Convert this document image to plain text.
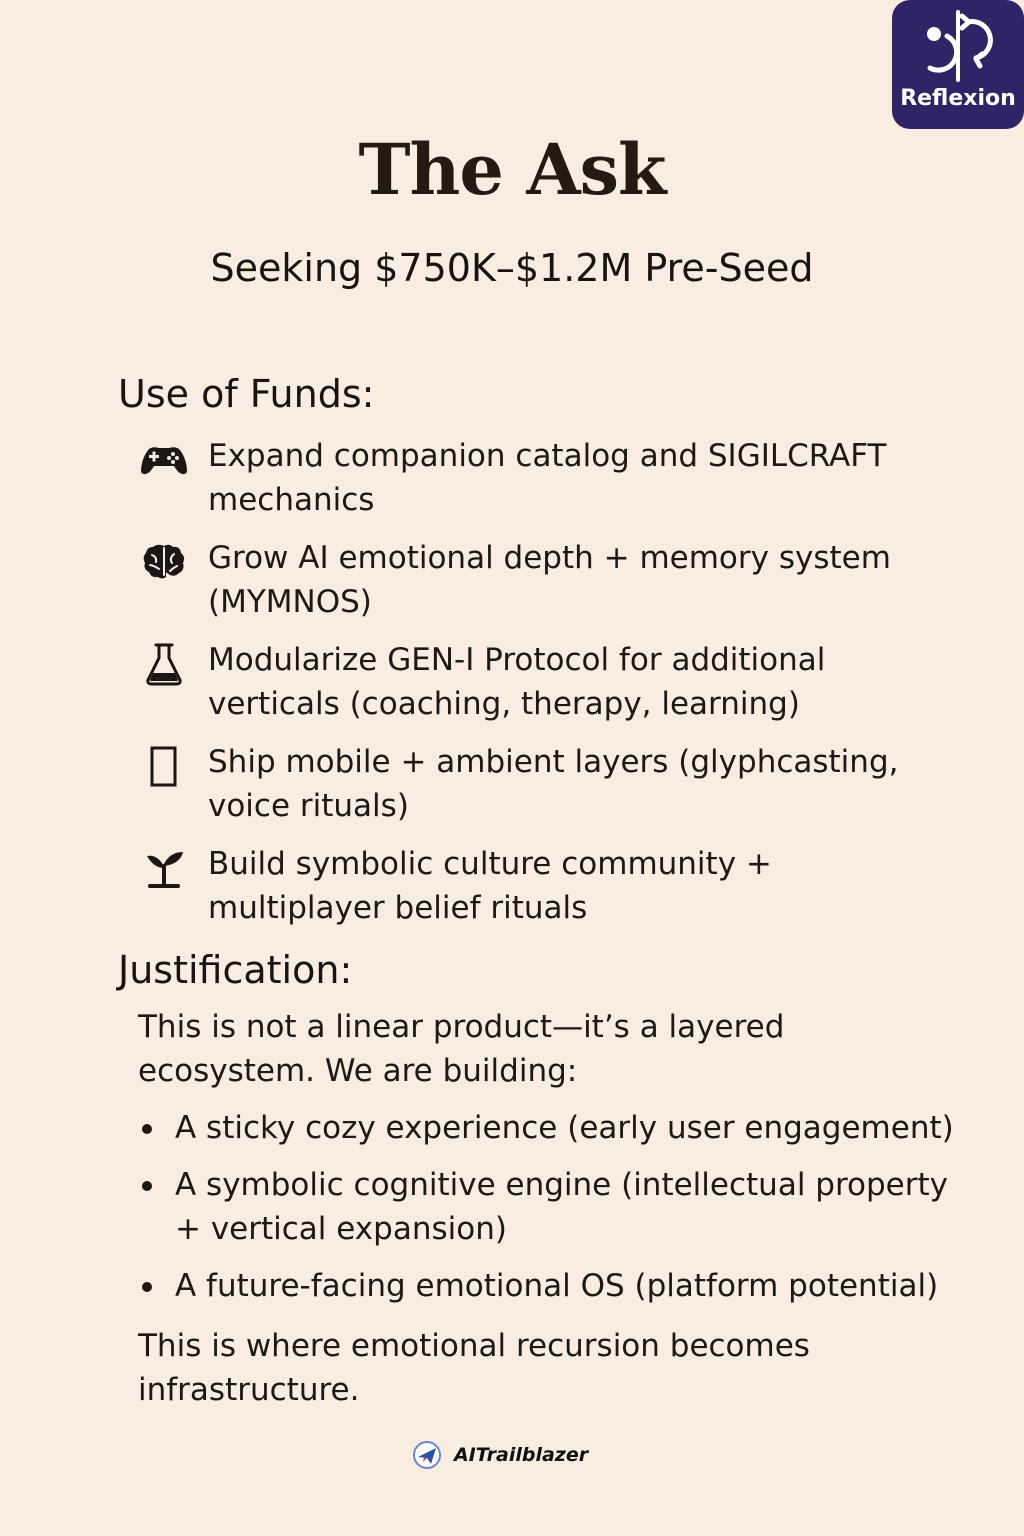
Reflexion
The Ask
Seeking $750K–$1.2M Pre-Seed
Use of Funds:
Expand companion catalog and SIGILCRAFT mechanics
Grow AI emotional depth + memory system (MYMNOS)
Modularize GEN-I Protocol for additional verticals (coaching, therapy, learning)
Ship mobile + ambient layers (glyphcasting, voice rituals)
Build symbolic culture community + multiplayer belief rituals
Justification:
This is not a linear product—it’s a layered ecosystem. We are building:
A sticky cozy experience (early user engagement)
A symbolic cognitive engine (intellectual property + vertical expansion)
A future-facing emotional OS (platform potential)
This is where emotional recursion becomes infrastructure.
AITrailblazer
